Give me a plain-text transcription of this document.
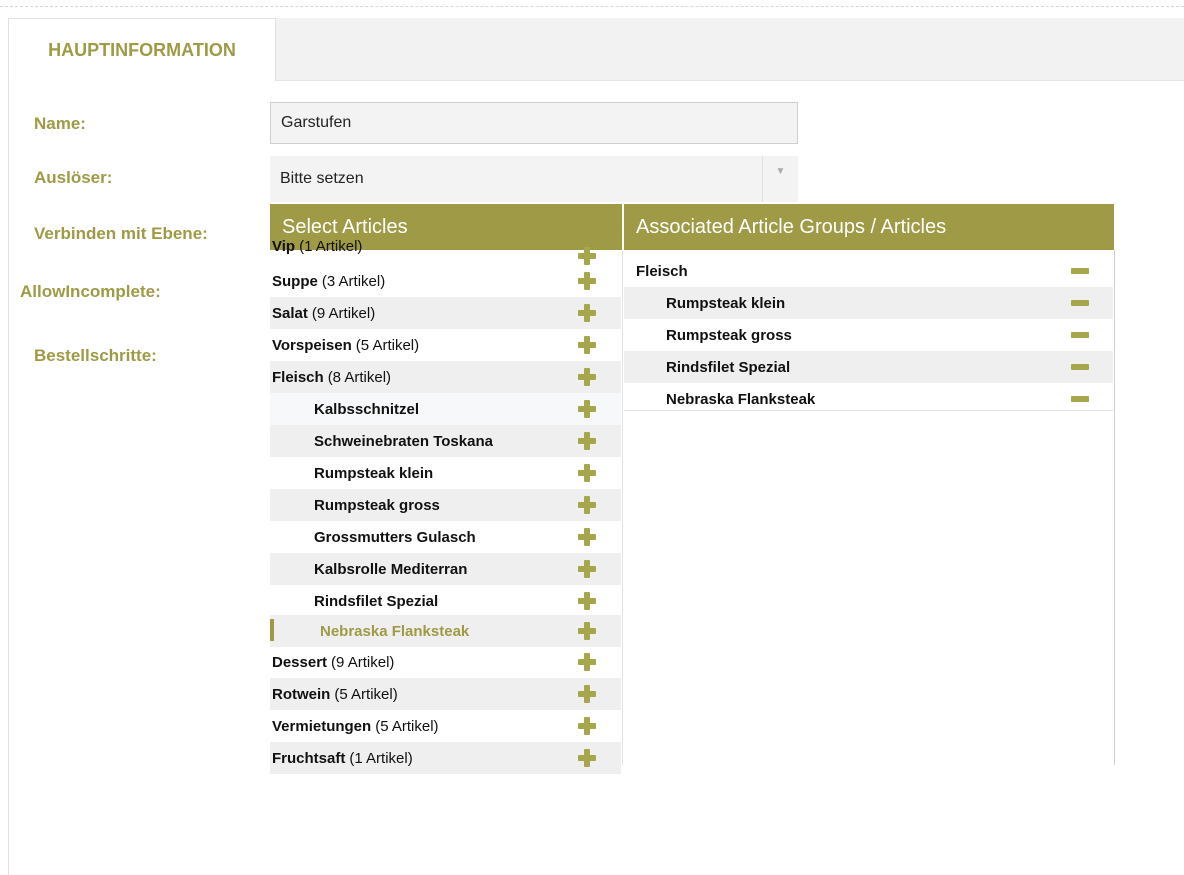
HAUPTINFORMATION
Name:
Auslöser:
Verbinden mit Ebene:
AllowIncomplete:
Bestellschritte:
Garstufen
Bitte setzen	▼
Select Articles	Associated Article Groups / Articles
Vip (1 Artikel)
Suppe (3 Artikel)
Salat (9 Artikel)
Vorspeisen (5 Artikel)
Fleisch (8 Artikel)
Kalbsschnitzel
Schweinebraten Toskana
Rumpsteak klein
Rumpsteak gross
Grossmutters Gulasch
Kalbsrolle Mediterran
Rindsfilet Spezial
Nebraska Flanksteak
Dessert (9 Artikel)
Rotwein (5 Artikel)
Vermietungen (5 Artikel)
Fruchtsaft (1 Artikel)
Fleisch
Rumpsteak klein
Rumpsteak gross
Rindsfilet Spezial
Nebraska Flanksteak
